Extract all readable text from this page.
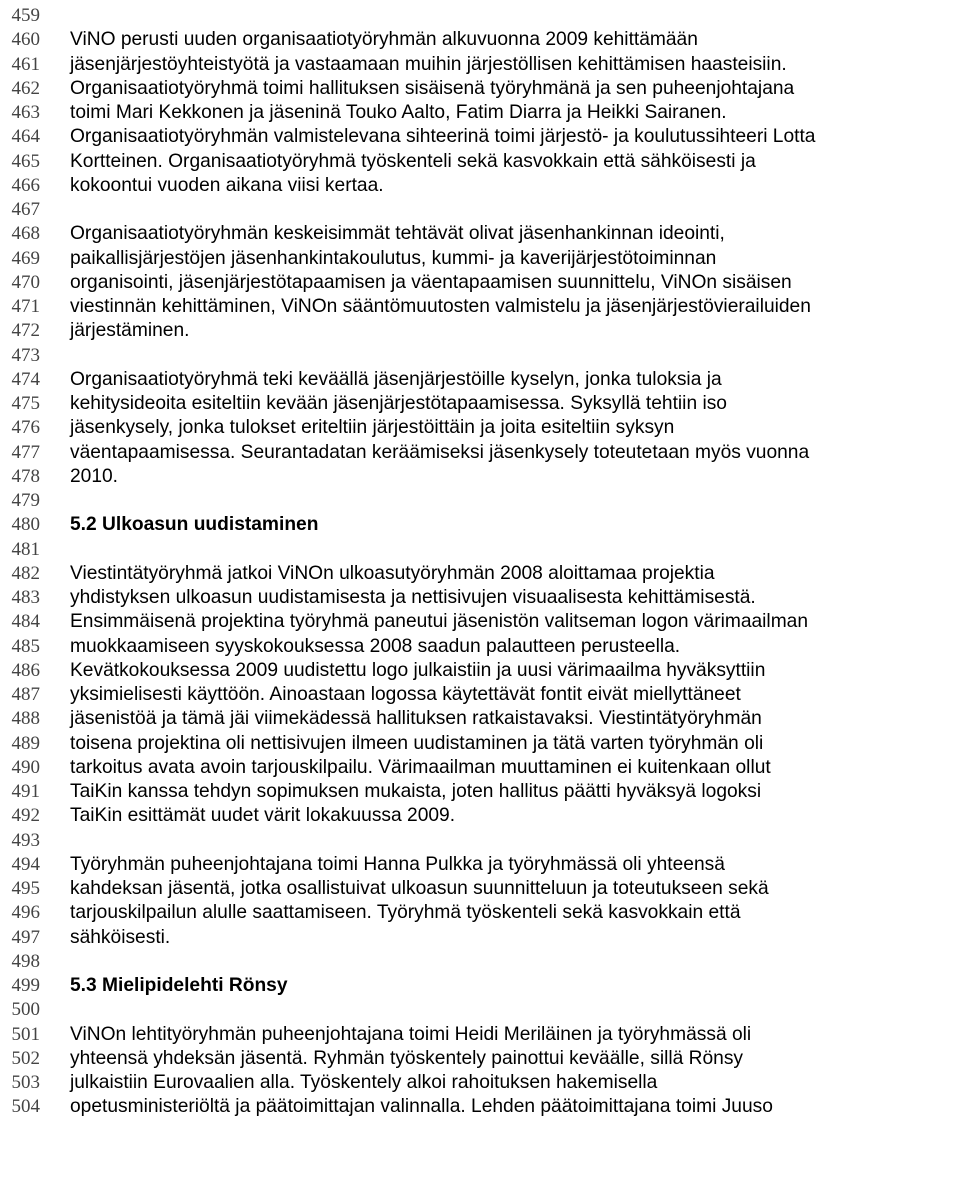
459
460
461
462
463
464
465
466
467
468
469
470
471
472
473
474
475
476
477
478
479
480
481
482
483
484
485
486
487
488
489
490
491
492
493
494
495
496
497
498
499
500
501
502
503
504
ViNO perusti uuden organisaatiotyöryhmän alkuvuonna 2009 kehittämään
jäsenjärjestöyhteistyötä ja vastaamaan muihin järjestöllisen kehittämisen haasteisiin.
Organisaatiotyöryhmä toimi hallituksen sisäisenä työryhmänä ja sen puheenjohtajana
toimi Mari Kekkonen ja jäseninä Touko Aalto, Fatim Diarra ja Heikki Sairanen.
Organisaatiotyöryhmän valmistelevana sihteerinä toimi järjestö- ja koulutussihteeri Lotta
Kortteinen. Organisaatiotyöryhmä työskenteli sekä kasvokkain että sähköisesti ja
kokoontui vuoden aikana viisi kertaa.
Organisaatiotyöryhmän keskeisimmät tehtävät olivat jäsenhankinnan ideointi,
paikallisjärjestöjen jäsenhankintakoulutus, kummi- ja kaverijärjestötoiminnan
organisointi, jäsenjärjestötapaamisen ja väentapaamisen suunnittelu, ViNOn sisäisen
viestinnän kehittäminen, ViNOn sääntömuutosten valmistelu ja jäsenjärjestövierailuiden
järjestäminen.
Organisaatiotyöryhmä teki keväällä jäsenjärjestöille kyselyn, jonka tuloksia ja
kehitysideoita esiteltiin kevään jäsenjärjestötapaamisessa. Syksyllä tehtiin iso
jäsenkysely, jonka tulokset eriteltiin järjestöittäin ja joita esiteltiin syksyn
väentapaamisessa. Seurantadatan keräämiseksi jäsenkysely toteutetaan myös vuonna
2010.
5.2 Ulkoasun uudistaminen
Viestintätyöryhmä jatkoi ViNOn ulkoasutyöryhmän 2008 aloittamaa projektia
yhdistyksen ulkoasun uudistamisesta ja nettisivujen visuaalisesta kehittämisestä.
Ensimmäisenä projektina työryhmä paneutui jäsenistön valitseman logon värimaailman
muokkaamiseen syyskokouksessa 2008 saadun palautteen perusteella.
Kevätkokouksessa 2009 uudistettu logo julkaistiin ja uusi värimaailma hyväksyttiin
yksimielisesti käyttöön. Ainoastaan logossa käytettävät fontit eivät miellyttäneet
jäsenistöä ja tämä jäi viimekädessä hallituksen ratkaistavaksi. Viestintätyöryhmän
toisena projektina oli nettisivujen ilmeen uudistaminen ja tätä varten työryhmän oli
tarkoitus avata avoin tarjouskilpailu. Värimaailman muuttaminen ei kuitenkaan ollut
TaiKin kanssa tehdyn sopimuksen mukaista, joten hallitus päätti hyväksyä logoksi
TaiKin esittämät uudet värit lokakuussa 2009.
Työryhmän puheenjohtajana toimi Hanna Pulkka ja työryhmässä oli yhteensä
kahdeksan jäsentä, jotka osallistuivat ulkoasun suunnitteluun ja toteutukseen sekä
tarjouskilpailun alulle saattamiseen. Työryhmä työskenteli sekä kasvokkain että
sähköisesti.
5.3 Mielipidelehti Rönsy
ViNOn lehtityöryhmän puheenjohtajana toimi Heidi Meriläinen ja työryhmässä oli
yhteensä yhdeksän jäsentä. Ryhmän työskentely painottui keväälle, sillä Rönsy
julkaistiin Eurovaalien alla. Työskentely alkoi rahoituksen hakemisella
opetusministeriöltä ja päätoimittajan valinnalla. Lehden päätoimittajana toimi Juuso
